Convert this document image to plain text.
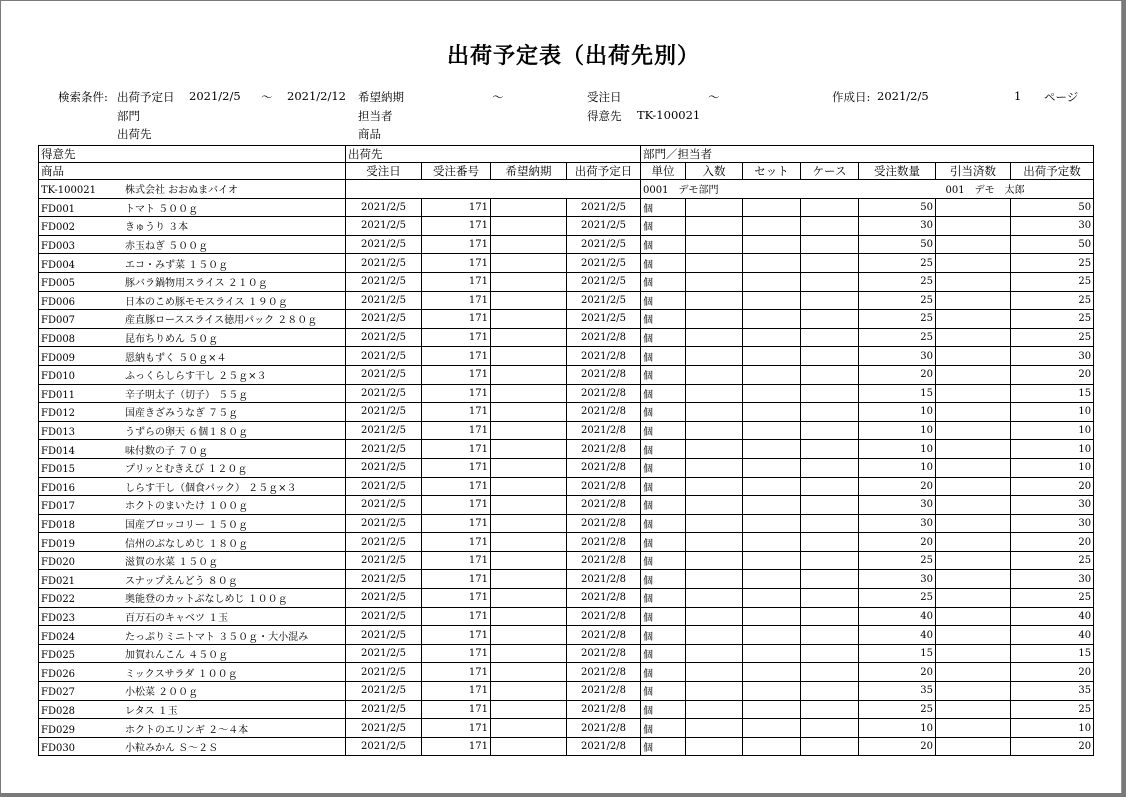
出荷予定表（出荷先別）
検索条件: 出荷予定日 2021/2/5 ～ 2021/2/12 希望納期	～	受注日	～	作成日: 2021/2/5	1 ページ
部門	担当者	得意先 TK-100021
出荷先	商品
得意先	出荷先				部門／担当者						
商品	受注日	受注番号	希望納期	出荷予定日	単位	入数	セット	ケース	受注数量	引当済数	出荷予定数
TK-100021 株式会社 おおぬまバイオ					0001　デモ部門					001　デモ　太郎	
FD001 トマト ５００ｇ	2021/2/5	171		2021/2/5	個				50		50
FD002 きゅうり ３本	2021/2/5	171		2021/2/5	個				30		30
FD003 赤玉ねぎ ５００ｇ	2021/2/5	171		2021/2/5	個				50		50
FD004 エコ・みず菜 １５０ｇ	2021/2/5	171		2021/2/5	個				25		25
FD005 豚バラ鍋物用スライス ２１０ｇ	2021/2/5	171		2021/2/5	個				25		25
FD006 日本のこめ豚モモスライス １９０ｇ	2021/2/5	171		2021/2/5	個				25		25
FD007 産直豚ローススライス徳用パック ２８０ｇ	2021/2/5	171		2021/2/5	個				25		25
FD008 昆布ちりめん ５０ｇ	2021/2/5	171		2021/2/8	個				25		25
FD009 恩納もずく ５０ｇ×４	2021/2/5	171		2021/2/8	個				30		30
FD010 ふっくらしらす干し ２５ｇ×３	2021/2/5	171		2021/2/8	個				20		20
FD011 辛子明太子（切子） ５５ｇ	2021/2/5	171		2021/2/8	個				15		15
FD012 国産きざみうなぎ ７５ｇ	2021/2/5	171		2021/2/8	個				10		10
FD013 うずらの卵天 ６個１８０ｇ	2021/2/5	171		2021/2/8	個				10		10
FD014 味付数の子 ７０ｇ	2021/2/5	171		2021/2/8	個				10		10
FD015 プリッとむきえび １２０ｇ	2021/2/5	171		2021/2/8	個				10		10
FD016 しらす干し（個食パック） ２５ｇ×３	2021/2/5	171		2021/2/8	個				20		20
FD017 ホクトのまいたけ １００ｇ	2021/2/5	171		2021/2/8	個				30		30
FD018 国産ブロッコリー １５０ｇ	2021/2/5	171		2021/2/8	個				30		30
FD019 信州のぶなしめじ １８０ｇ	2021/2/5	171		2021/2/8	個				20		20
FD020 滋賀の水菜 １５０ｇ	2021/2/5	171		2021/2/8	個				25		25
FD021 スナップえんどう ８０ｇ	2021/2/5	171		2021/2/8	個				30		30
FD022 奥能登のカットぶなしめじ １００ｇ	2021/2/5	171		2021/2/8	個				25		25
FD023 百万石のキャベツ １玉	2021/2/5	171		2021/2/8	個				40		40
FD024 たっぷりミニトマト ３５０ｇ・大小混み	2021/2/5	171		2021/2/8	個				40		40
FD025 加賀れんこん ４５０ｇ	2021/2/5	171		2021/2/8	個				15		15
FD026 ミックスサラダ １００ｇ	2021/2/5	171		2021/2/8	個				20		20
FD027 小松菜 ２００ｇ	2021/2/5	171		2021/2/8	個				35		35
FD028 レタス １玉	2021/2/5	171		2021/2/8	個				25		25
FD029 ホクトのエリンギ ２～４本	2021/2/5	171		2021/2/8	個				10		10
FD030 小粒みかん Ｓ～２Ｓ	2021/2/5	171		2021/2/8	個				20		20
